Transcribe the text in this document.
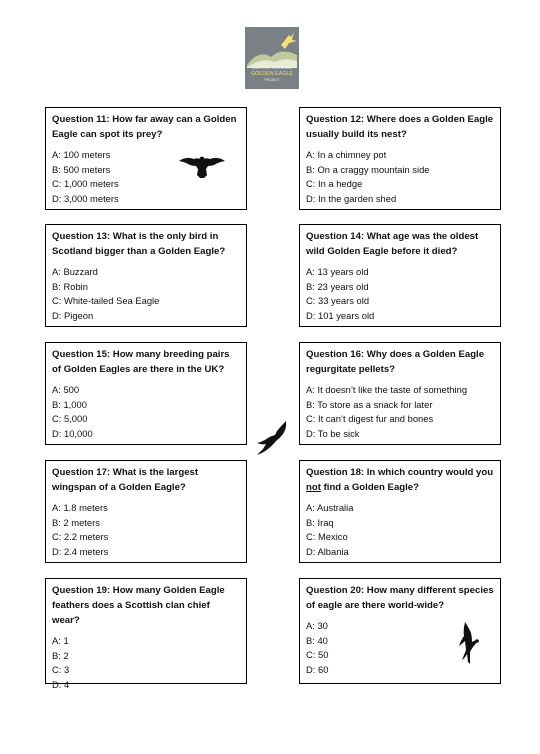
SOUTH OF SCOTLAND
GOLDEN EAGLE
PROJECT

Question 11: How far away can a Golden Eagle can spot its prey?

A: 100 meters
B: 500 meters
C: 1,000 meters
D: 3,000 meters

Question 12: Where does a Golden Eagle usually build its nest?

A: In a chimney pot
B: On a craggy mountain side
C: In a hedge
D: In the garden shed

Question 13: What is the only bird in Scotland bigger than a Golden Eagle?

A: Buzzard
B: Robin
C: White-tailed Sea Eagle
D: Pigeon

Question 14: What age was the oldest wild Golden Eagle before it died?

A: 13 years old
B: 23 years old
C: 33 years old
D: 101 years old

Question 15: How many breeding pairs of Golden Eagles are there in the UK?

A: 500
B: 1,000
C: 5,000
D: 10,000

Question 16: Why does a Golden Eagle regurgitate pellets?

A: It doesn’t like the taste of something
B: To store as a snack for later
C: It can’t digest fur and bones
D: To be sick

Question 17: What is the largest wingspan of a Golden Eagle?

A: 1.8 meters
B: 2 meters
C: 2.2 meters
D: 2.4 meters

Question 18: In which country would you not find a Golden Eagle?

A: Australia
B: Iraq
C: Mexico
D: Albania

Question 19: How many Golden Eagle feathers does a Scottish clan chief wear?

A: 1
B: 2
C: 3
D: 4

Question 20: How many different species of eagle are there world-wide?

A: 30
B: 40
C: 50
D: 60
